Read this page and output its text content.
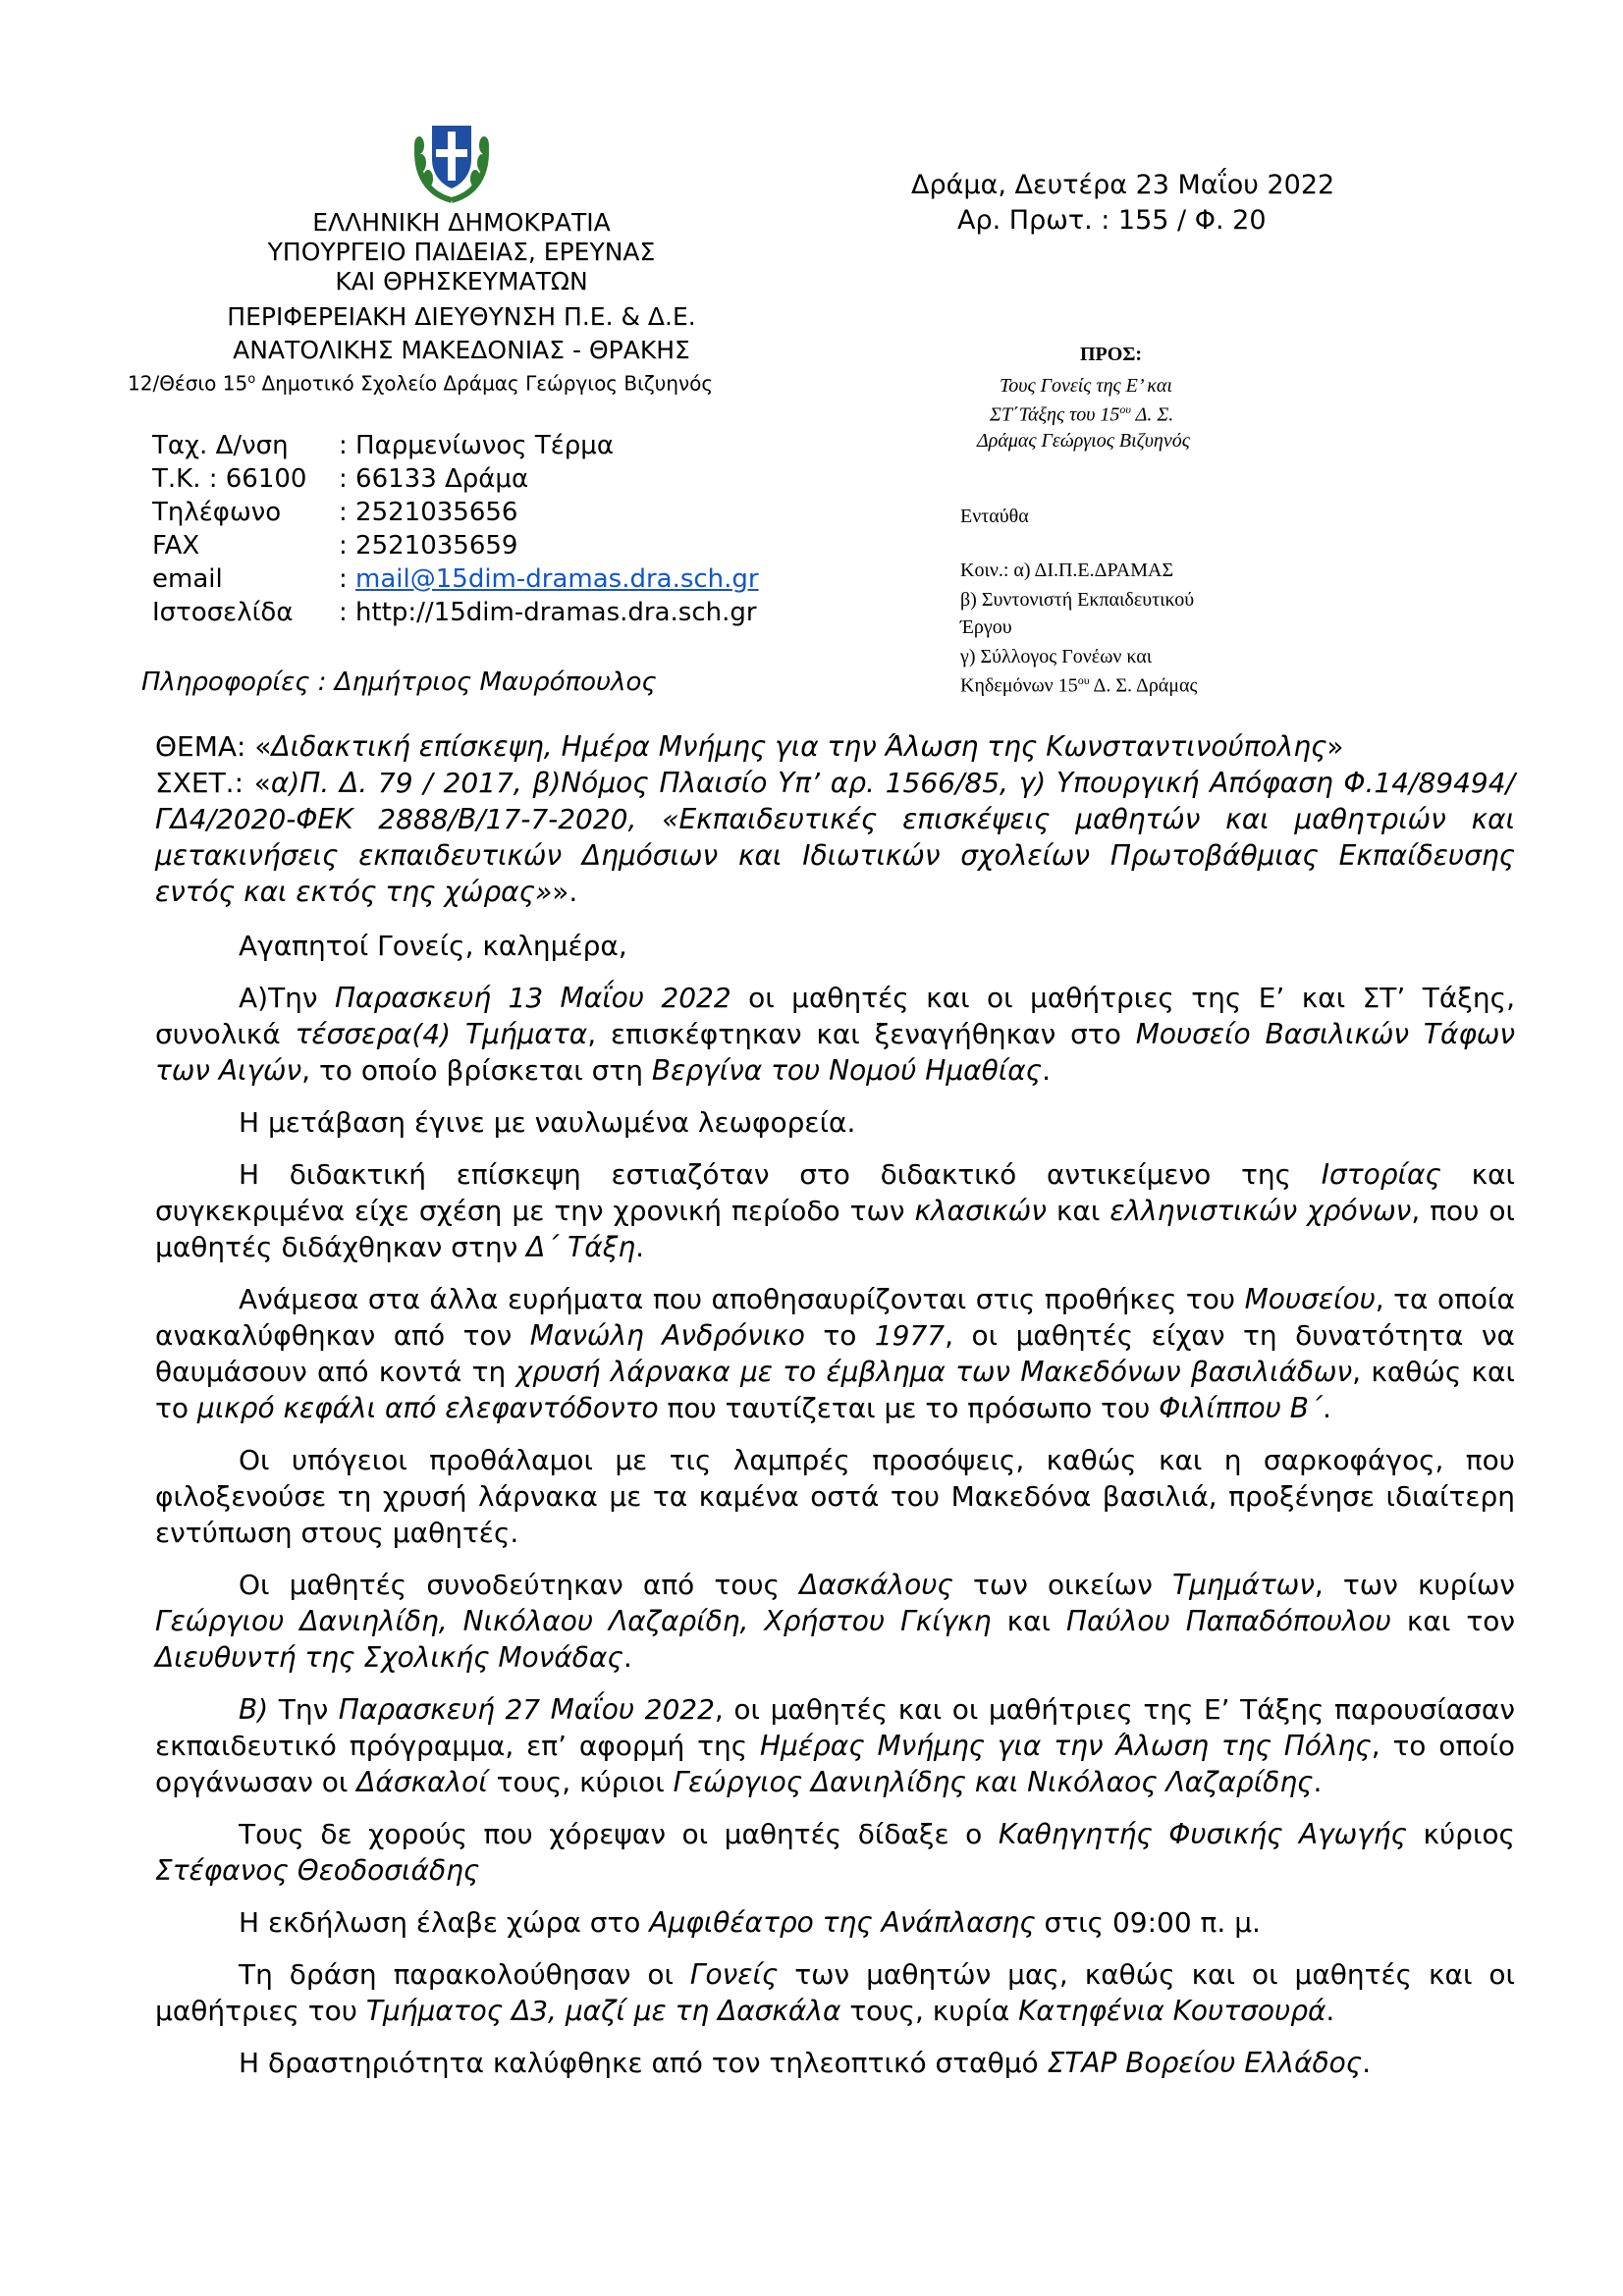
ΕΛΛΗΝΙΚΗ ΔΗΜΟΚΡΑΤΙΑ
ΥΠΟΥΡΓΕΙΟ ΠΑΙΔΕΙΑΣ, ΕΡΕΥΝΑΣ
ΚΑΙ ΘΡΗΣΚΕΥΜΑΤΩΝ
ΠΕΡΙΦΕΡΕΙΑΚΗ ΔΙΕΥΘΥΝΣΗ Π.Ε. & Δ.Ε.
ΑΝΑΤΟΛΙΚΗΣ ΜΑΚΕΔΟΝΙΑΣ - ΘΡΑΚΗΣ
12/Θέσιο $15^o$ Δημοτικό Σχολείο Δράμας Γεώργιος Βιζυηνός
Δράμα, Δευτέρα 23 Μαΐου 2022
Αρ. Πρωτ. : 155 / Φ. 20
Ταχ. Δ/νση : Παρμενίωνος Τέρμα
Τ.Κ. : 66100 : 66133 Δράμα
Τηλέφωνο : 2521035656
FAX	: 2521035659
email	: mail@15dim-dramas.dra.sch.gr
Ιστοσελίδα : http://15dim-dramas.dra.sch.gr
Πληροφορίες : Δημήτριος Μαυρόπουλος
ΠΡΟΣ:
Τους Γονείς της Ε’ και
ΣΤ΄Τάξης του $15^{o\upsilon}$ Δ. Σ.
Δράμας Γεώργιος Βιζυηνός
Ενταύθα
Κοιν.: α) ΔΙ.Π.Ε.ΔΡΑΜΑΣ
β) Συντονιστή Εκπαιδευτικού
Έργου
γ) Σύλλογος Γονέων και
Κηδεμόνων $15^{o\upsilon}$ Δ. Σ. Δράμας

ΘΕΜΑ: «Διδακτική επίσκεψη, Ημέρα Μνήμης για την Άλωση της Κωνσταντινούπολης»

ΣΧΕΤ.: «α)Π. Δ. 79 / 2017, β)Νόμος Πλαισίο Υπ’ αρ. 1566/85, γ) Υπουργική Απόφαση Φ.14/89494/ΓΔ4/2020-ΦΕΚ 2888/Β/17-7-2020, «Εκπαιδευτικές επισκέψεις μαθητών και μαθητριών και μετακινήσεις εκπαιδευτικών Δημόσιων και Ιδιωτικών σχολείων Πρωτοβάθμιας Εκπαίδευσης εντός και εκτός της χώρας»».

Αγαπητοί Γονείς, καλημέρα,

Α)Την Παρασκευή 13 Μαΐου 2022 οι μαθητές και οι μαθήτριες της Ε’ και ΣΤ’ Τάξης, συνολικά τέσσερα(4) Τμήματα, επισκέφτηκαν και ξεναγήθηκαν στο Μουσείο Βασιλικών Τάφων των Αιγών, το οποίο βρίσκεται στη Βεργίνα του Νομού Ημαθίας.

Η μετάβαση έγινε με ναυλωμένα λεωφορεία.

Η διδακτική επίσκεψη εστιαζόταν στο διδακτικό αντικείμενο της Ιστορίας και συγκεκριμένα είχε σχέση με την χρονική περίοδο των κλασικών και ελληνιστικών χρόνων, που οι μαθητές διδάχθηκαν στην Δ΄ Τάξη.

Ανάμεσα στα άλλα ευρήματα που αποθησαυρίζονται στις προθήκες του Μουσείου, τα οποία ανακαλύφθηκαν από τον Μανώλη Ανδρόνικο το 1977, οι μαθητές είχαν τη δυνατότητα να θαυμάσουν από κοντά τη χρυσή λάρνακα με το έμβλημα των Μακεδόνων βασιλιάδων, καθώς και το μικρό κεφάλι από ελεφαντόδοντο που ταυτίζεται με το πρόσωπο του Φιλίππου Β΄.

Οι υπόγειοι προθάλαμοι με τις λαμπρές προσόψεις, καθώς και η σαρκοφάγος, που φιλοξενούσε τη χρυσή λάρνακα με τα καμένα οστά του Μακεδόνα βασιλιά, προξένησε ιδιαίτερη εντύπωση στους μαθητές.

Οι μαθητές συνοδεύτηκαν από τους Δασκάλους των οικείων Τμημάτων, των κυρίων Γεώργιου Δανιηλίδη, Νικόλαου Λαζαρίδη, Χρήστου Γκίγκη και Παύλου Παπαδόπουλου και τον Διευθυντή της Σχολικής Μονάδας.

Β) Την Παρασκευή 27 Μαΐου 2022, οι μαθητές και οι μαθήτριες της Ε’ Τάξης παρουσίασαν εκπαιδευτικό πρόγραμμα, επ’ αφορμή της Ημέρας Μνήμης για την Άλωση της Πόλης, το οποίο οργάνωσαν οι Δάσκαλοί τους, κύριοι Γεώργιος Δανιηλίδης και Νικόλαος Λαζαρίδης.

Τους δε χορούς που χόρεψαν οι μαθητές δίδαξε ο Καθηγητής Φυσικής Αγωγής κύριος Στέφανος Θεοδοσιάδης

Η εκδήλωση έλαβε χώρα στο Αμφιθέατρο της Ανάπλασης στις 09:00 π. μ.

Τη δράση παρακολούθησαν οι Γονείς των μαθητών μας, καθώς και οι μαθητές και οι μαθήτριες του Τμήματος Δ3, μαζί με τη Δασκάλα τους, κυρία Κατηφένια Κουτσουρά.

Η δραστηριότητα καλύφθηκε από τον τηλεοπτικό σταθμό ΣΤΑΡ Βορείου Ελλάδος.
